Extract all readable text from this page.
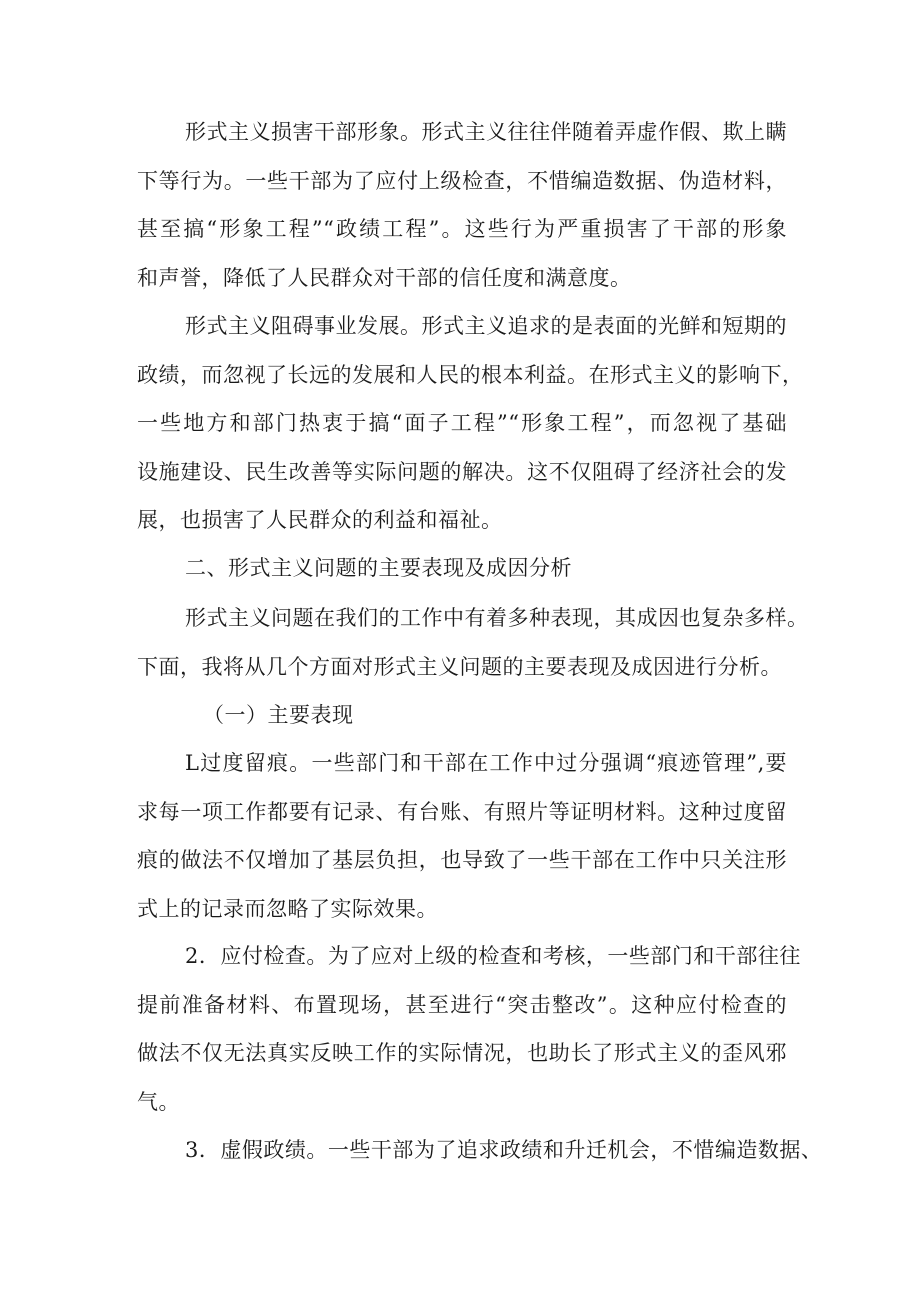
形式主义损害干部形象。形式主义往往伴随着弄虚作假、欺上瞒
下等行为。一些干部为了应付上级检查，不惜编造数据、伪造材料，
甚至搞“形象工程”“政绩工程”。这些行为严重损害了干部的形象
和声誉，降低了人民群众对干部的信任度和满意度。

形式主义阻碍事业发展。形式主义追求的是表面的光鲜和短期的
政绩，而忽视了长远的发展和人民的根本利益。在形式主义的影响下，
一些地方和部门热衷于搞“面子工程”“形象工程”，而忽视了基础
设施建设、民生改善等实际问题的解决。这不仅阻碍了经济社会的发
展，也损害了人民群众的利益和福祉。

二、形式主义问题的主要表现及成因分析

形式主义问题在我们的工作中有着多种表现，其成因也复杂多样。
下面，我将从几个方面对形式主义问题的主要表现及成因进行分析。

（一）主要表现

L过度留痕。一些部门和干部在工作中过分强调“痕迹管理”,要
求每一项工作都要有记录、有台账、有照片等证明材料。这种过度留
痕的做法不仅增加了基层负担，也导致了一些干部在工作中只关注形
式上的记录而忽略了实际效果。

2．应付检查。为了应对上级的检查和考核，一些部门和干部往往
提前准备材料、布置现场，甚至进行“突击整改”。这种应付检查的
做法不仅无法真实反映工作的实际情况，也助长了形式主义的歪风邪
气。

3．虚假政绩。一些干部为了追求政绩和升迁机会，不惜编造数据、
